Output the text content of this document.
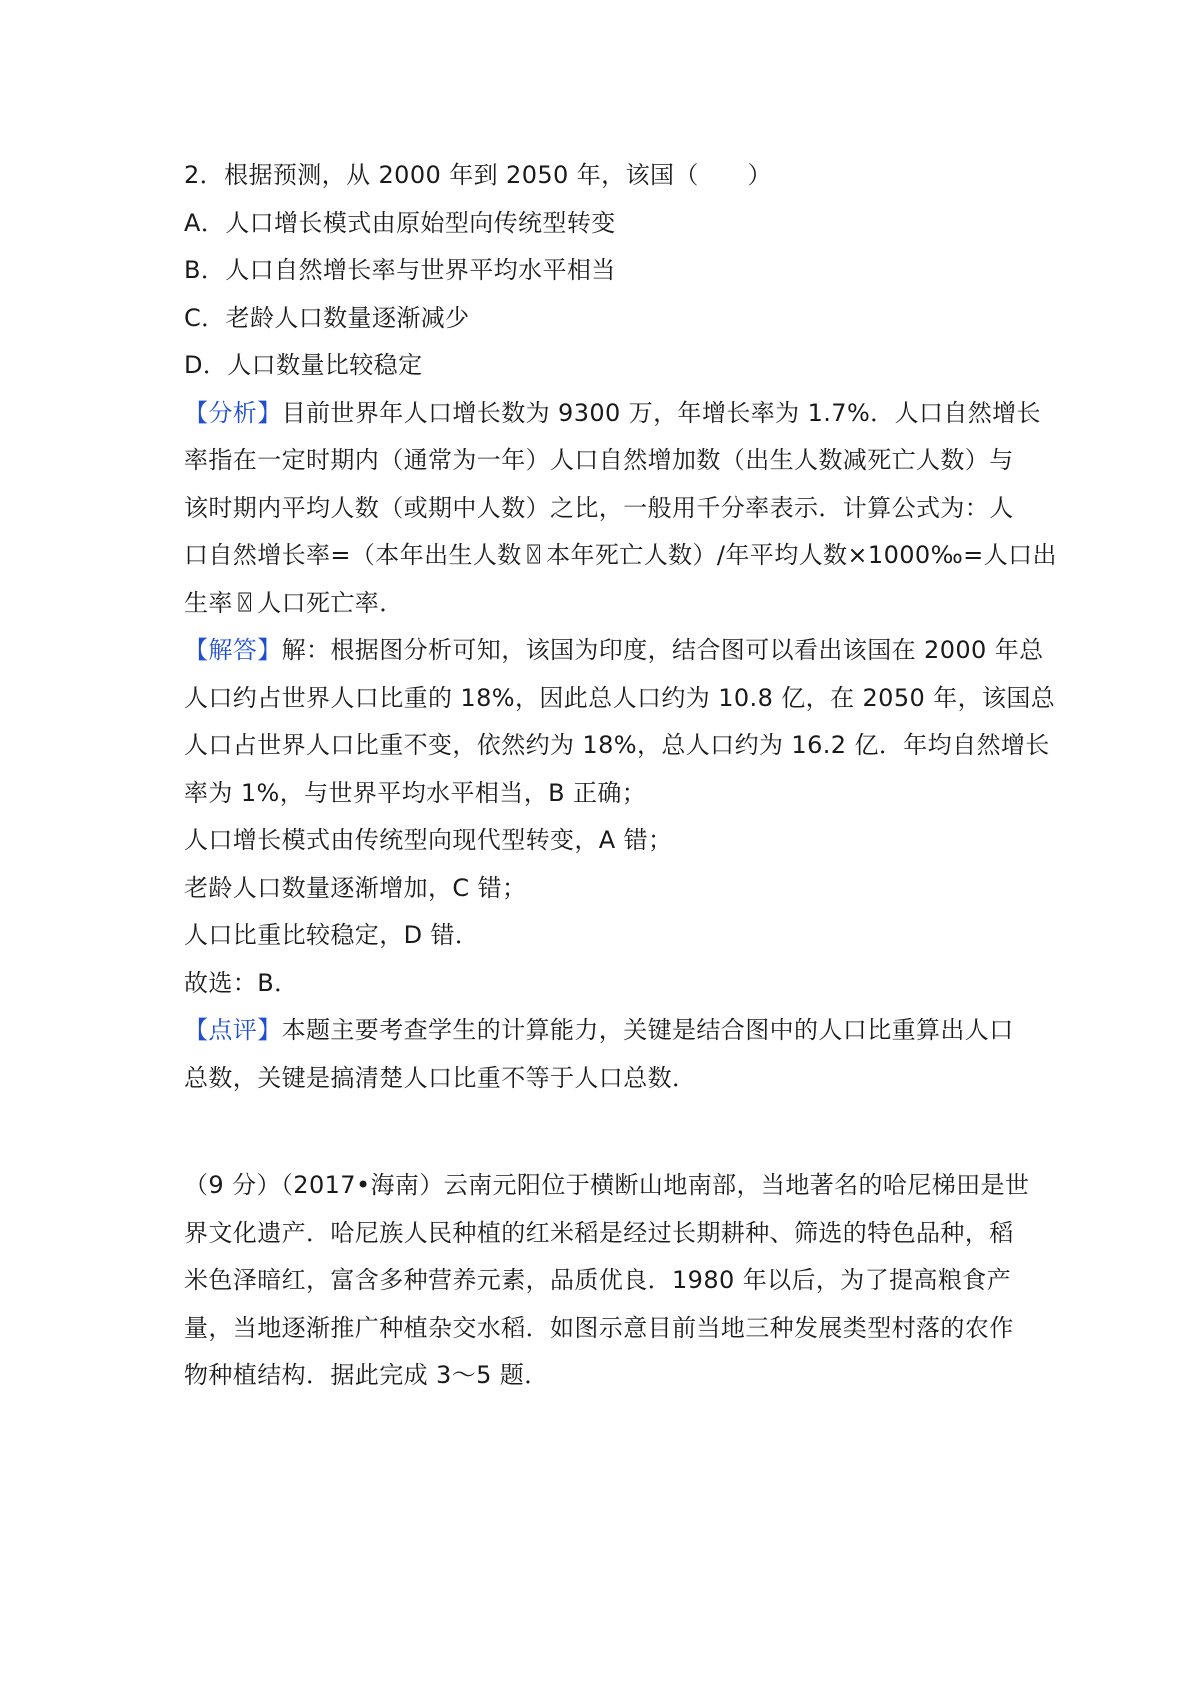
2．根据预测，从 2000 年到 2050 年，该国（　　）
A．人口增长模式由原始型向传统型转变
B．人口自然增长率与世界平均水平相当
C．老龄人口数量逐渐减少
D．人口数量比较稳定
【分析】目前世界年人口增长数为 9300 万，年增长率为 1.7%．人口自然增长
率指在一定时期内（通常为一年）人口自然增加数（出生人数减死亡人数）与
该时期内平均人数（或期中人数）之比，一般用千分率表示．计算公式为：人
口自然增长率=（本年出生人数〿本年死亡人数）/年平均人数×1000‰=人口出
生率〿人口死亡率．
【解答】解：根据图分析可知，该国为印度，结合图可以看出该国在 2000 年总
人口约占世界人口比重的 18%，因此总人口约为 10.8 亿，在 2050 年，该国总
人口占世界人口比重不变，依然约为 18%，总人口约为 16.2 亿．年均自然增长
率为 1%，与世界平均水平相当，B 正确；
人口增长模式由传统型向现代型转变，A 错；
老龄人口数量逐渐增加，C 错；
人口比重比较稳定，D 错．
故选：B．
【点评】本题主要考查学生的计算能力，关键是结合图中的人口比重算出人口
总数，关键是搞清楚人口比重不等于人口总数．
（9 分）（2017•海南）云南元阳位于横断山地南部，当地著名的哈尼梯田是世
界文化遗产．哈尼族人民种植的红米稻是经过长期耕种、筛选的特色品种，稻
米色泽暗红，富含多种营养元素，品质优良．1980 年以后，为了提高粮食产
量，当地逐渐推广种植杂交水稻．如图示意目前当地三种发展类型村落的农作
物种植结构．据此完成 3～5 题．
